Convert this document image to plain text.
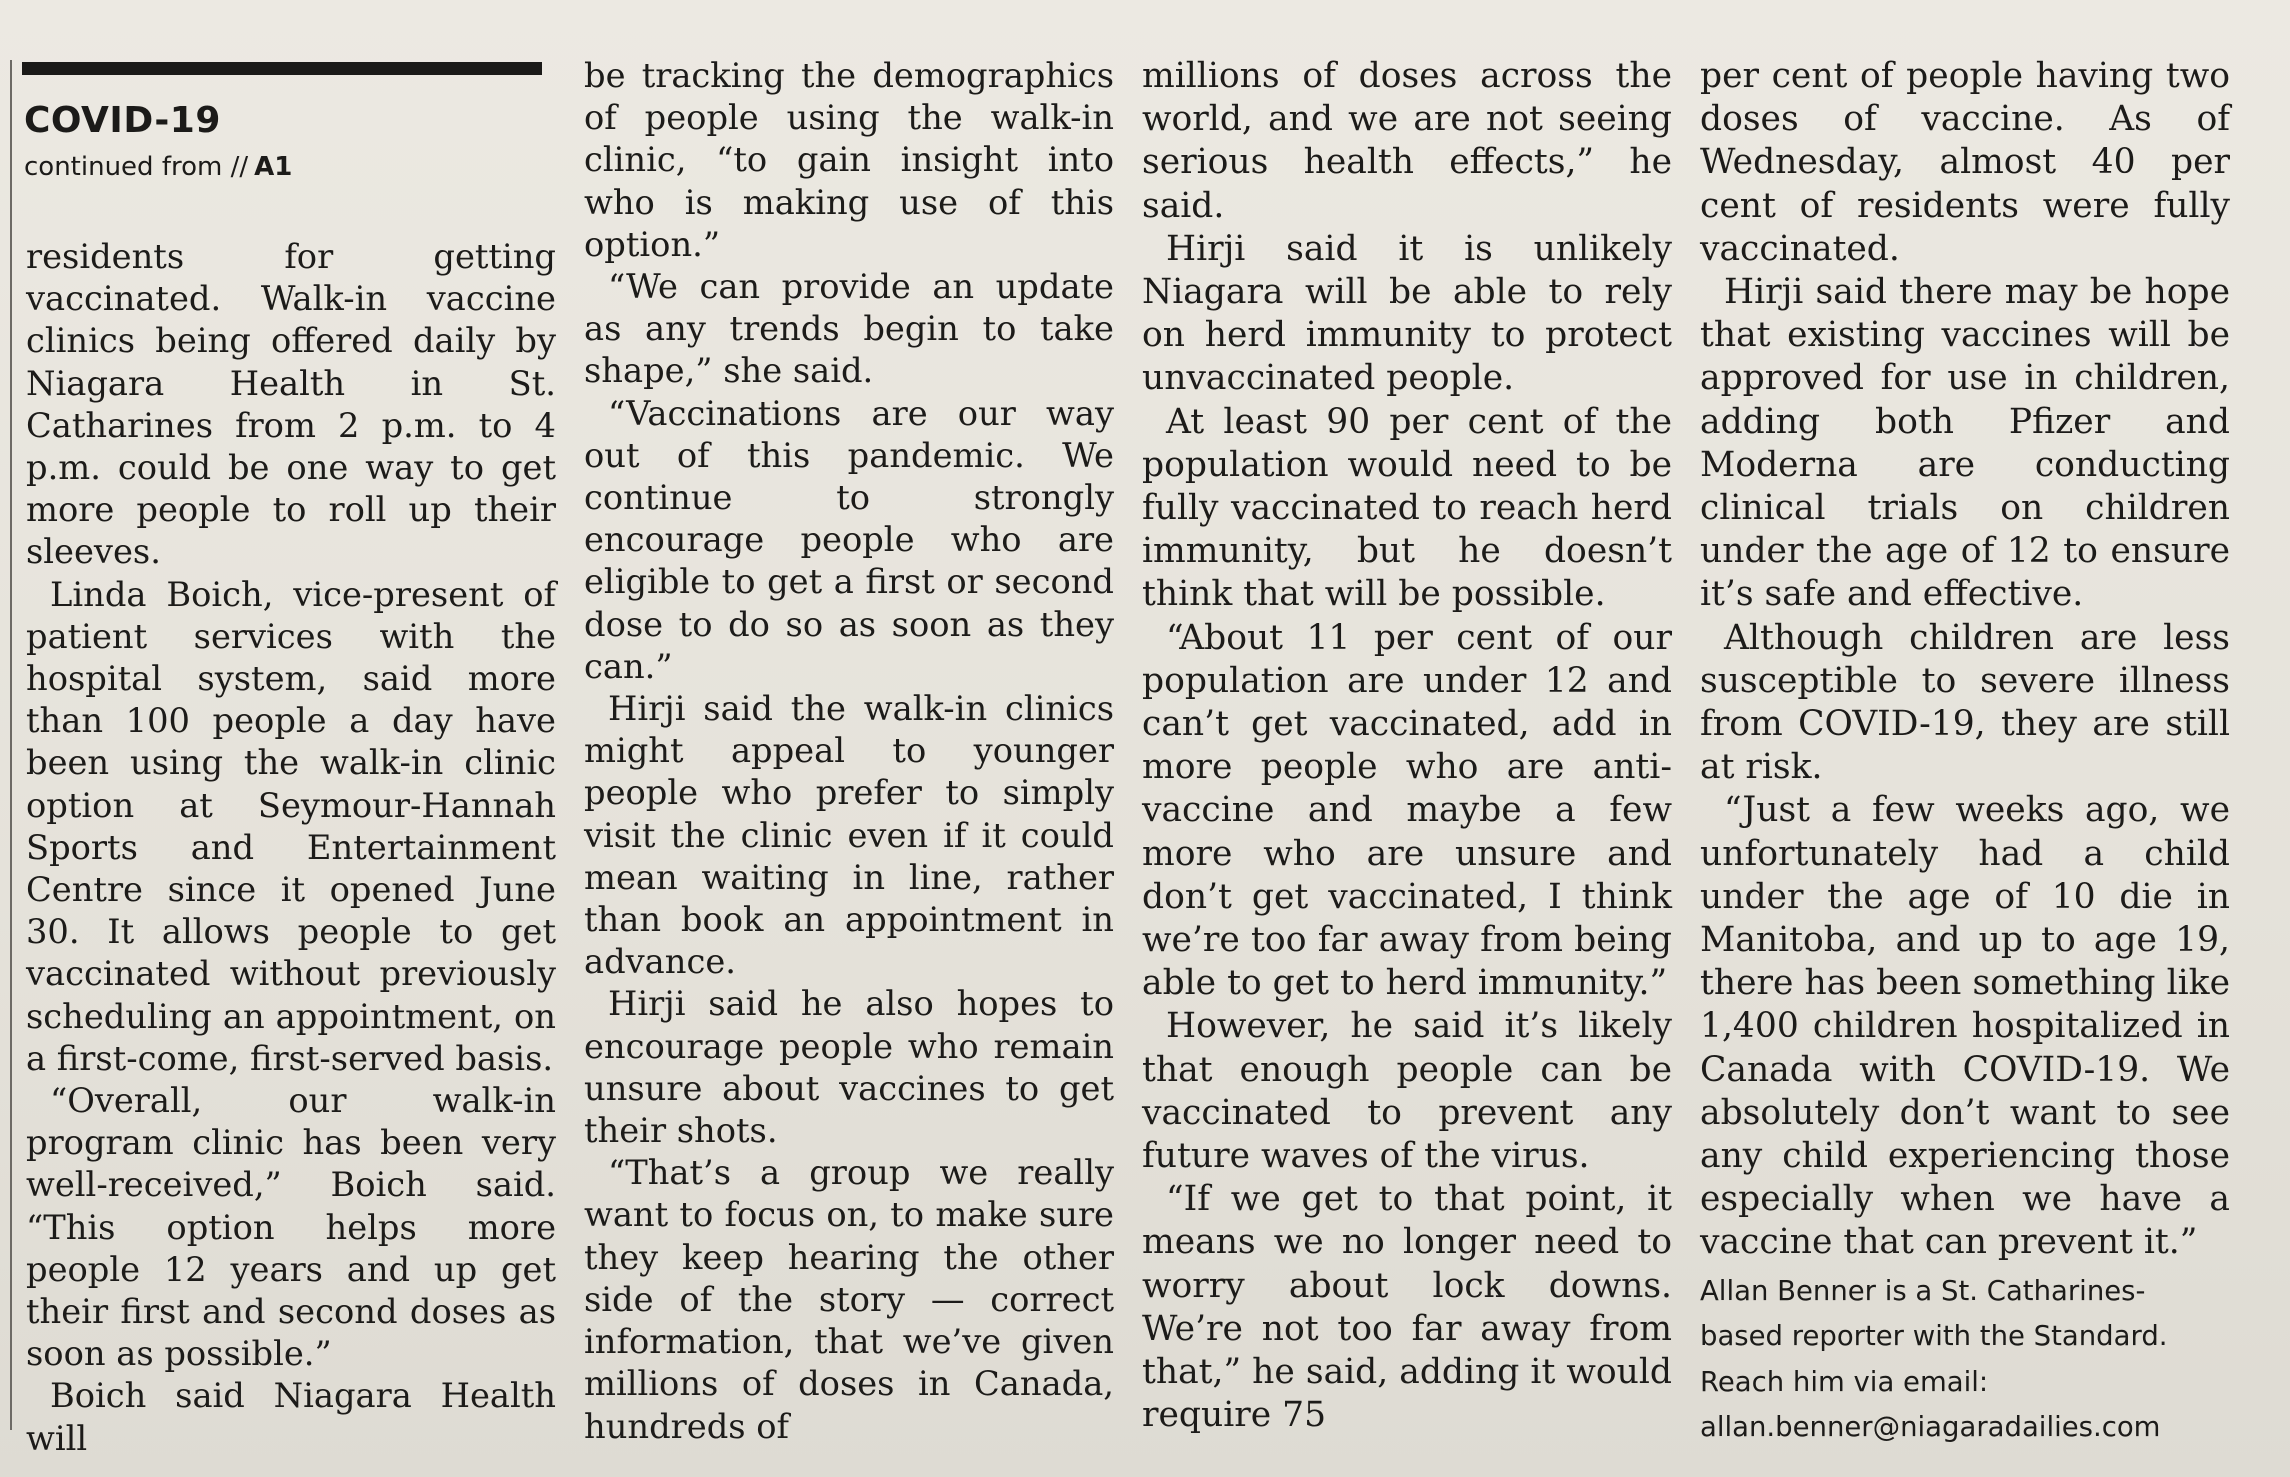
COVID-19
continued from // A1

residents for getting vaccinated. Walk-in vaccine clinics being offered daily by Niagara Health in St. Catharines from 2 p.m. to 4 p.m. could be one way to get more people to roll up their sleeves.

Linda Boich, vice-present of patient services with the hospital system, said more than 100 people a day have been using the walk-in clinic option at Seymour-Hannah Sports and Entertainment Centre since it opened June 30. It allows people to get vaccinated without previously scheduling an appointment, on a first-come, first-served basis.

“Overall, our walk-in program clinic has been very well-received,” Boich said. “This option helps more people 12 years and up get their first and second doses as soon as possible.”

Boich said Niagara Health will

be tracking the demographics of people using the walk-in clinic, “to gain insight into who is making use of this option.”

“We can provide an update as any trends begin to take shape,” she said.

“Vaccinations are our way out of this pandemic. We continue to strongly encourage people who are eligible to get a first or second dose to do so as soon as they can.”

Hirji said the walk-in clinics might appeal to younger people who prefer to simply visit the clinic even if it could mean waiting in line, rather than book an appointment in advance.

Hirji said he also hopes to encourage people who remain unsure about vaccines to get their shots.

“That’s a group we really want to focus on, to make sure they keep hearing the other side of the story — correct information, that we’ve given millions of doses in Canada, hundreds of

millions of doses across the world, and we are not seeing serious health effects,” he said.

Hirji said it is unlikely Niagara will be able to rely on herd immunity to protect unvaccinated people.

At least 90 per cent of the population would need to be fully vaccinated to reach herd immunity, but he doesn’t think that will be possible.

“About 11 per cent of our population are under 12 and can’t get vaccinated, add in more people who are anti-vaccine and maybe a few more who are unsure and don’t get vaccinated, I think we’re too far away from being able to get to herd immunity.”

However, he said it’s likely that enough people can be vaccinated to prevent any future waves of the virus.

“If we get to that point, it means we no longer need to worry about lock downs. We’re not too far away from that,” he said, adding it would require 75

per cent of people having two doses of vaccine. As of Wednesday, almost 40 per cent of residents were fully vaccinated.

Hirji said there may be hope that existing vaccines will be approved for use in children, adding both Pfizer and Moderna are conducting clinical trials on children under the age of 12 to ensure it’s safe and effective.

Although children are less susceptible to severe illness from COVID-19, they are still at risk.

“Just a few weeks ago, we unfortunately had a child under the age of 10 die in Manitoba, and up to age 19, there has been something like 1,400 children hospitalized in Canada with COVID-19. We absolutely don’t want to see any child experiencing those especially when we have a vaccine that can prevent it.”

Allan Benner is a St. Catharines-
based reporter with the Standard.
Reach him via email:
allan.benner@niagaradailies.com
